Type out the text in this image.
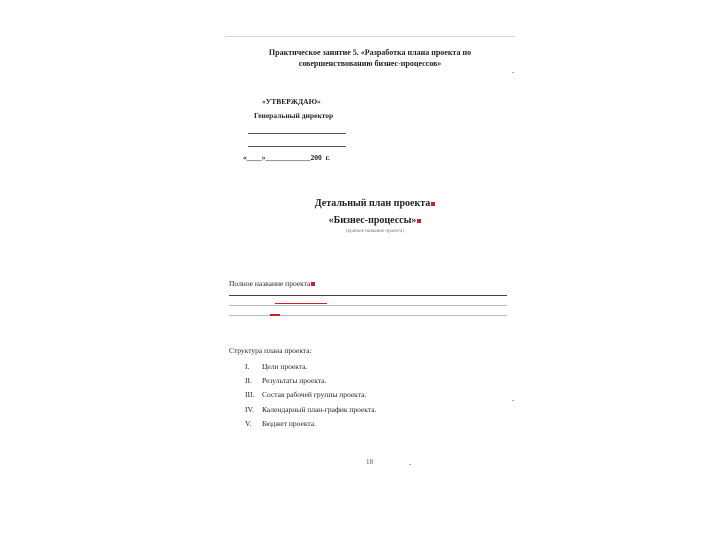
Практическое занятие 5. «Разработка плана проекта по
совершенствованию бизнес-процессов»
«УТВЕРЖДАЮ»
Генеральный директор
«____»____________200  г.
Детальный план проекта
«Бизнес-процессы»
(краткое название проекта)
Полное название проекта
Структура плана проекта:
I. Цели проекта.
II. Результаты проекта.
III. Состав рабочей группы проекта.
IV. Календарный план-график проекта.
V. Бюджет проекта.
18
